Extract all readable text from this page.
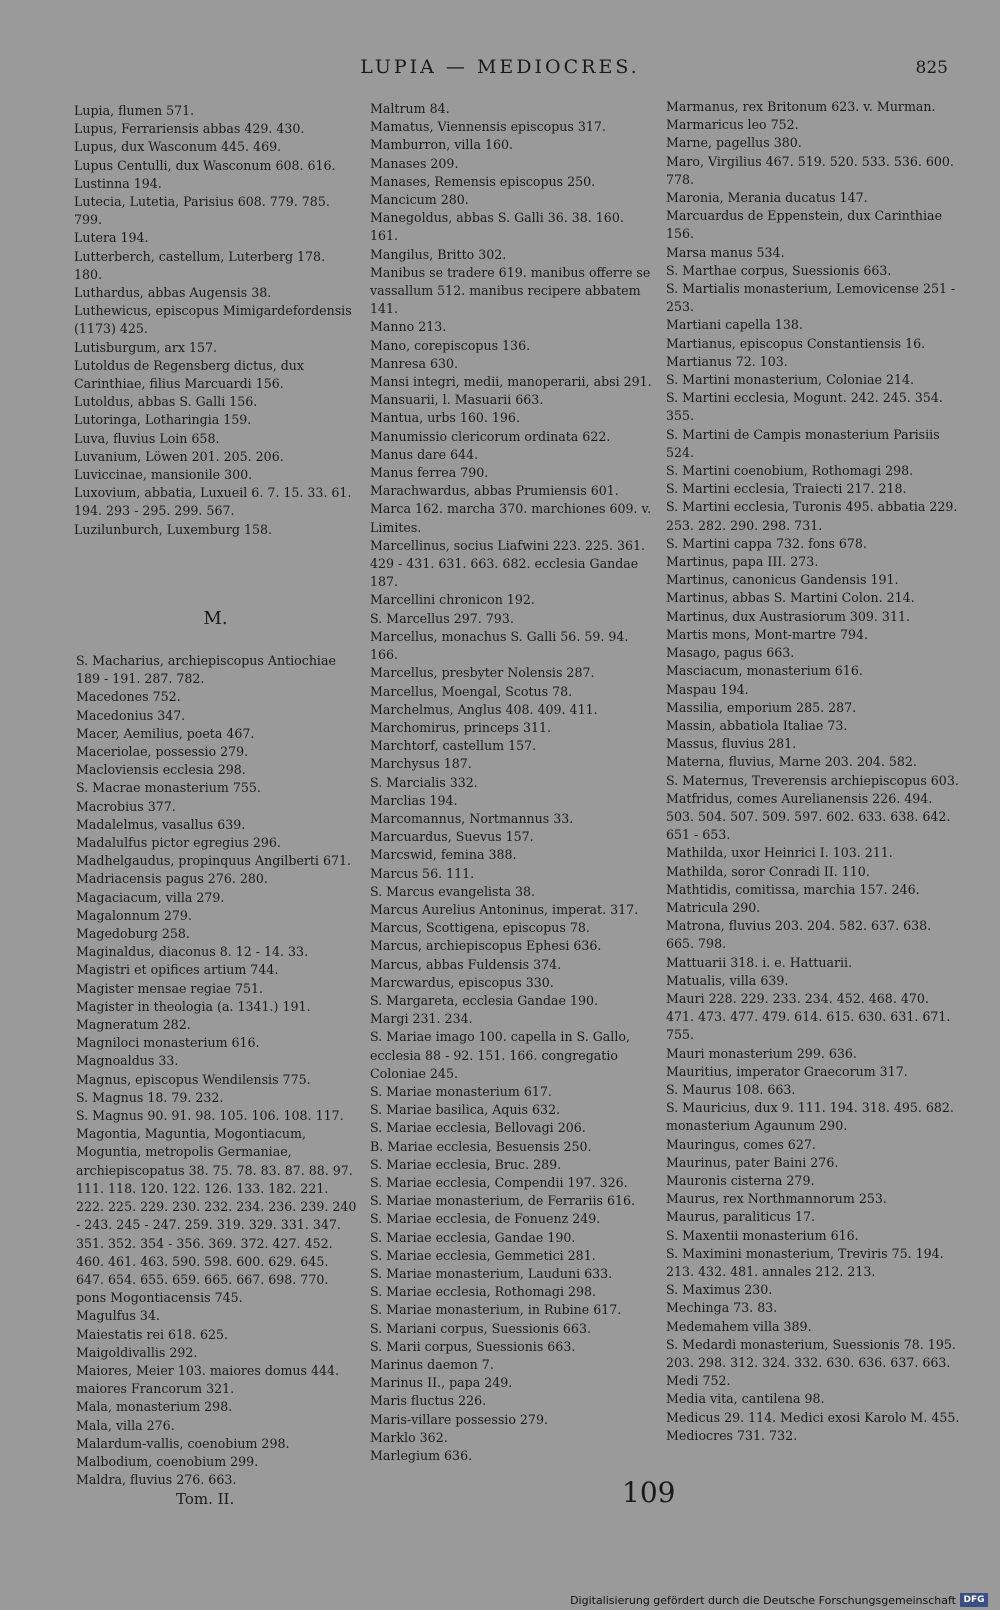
LUPIA — MEDIOCRES.	825

Lupia, flumen 571.

Lupus, Ferrariensis abbas 429. 430.

Lupus, dux Wasconum 445. 469.

Lupus Centulli, dux Wasconum 608. 616.

Lustinna 194.

Lutecia, Lutetia, Parisius 608. 779. 785. 799.

Lutera 194.

Lutterberch, castellum, Luterberg 178. 180.

Luthardus, abbas Augensis 38.

Luthewicus, episcopus Mimigardefordensis (1173) 425.

Lutisburgum, arx 157.

Lutoldus de Regensberg dictus, dux Carinthiae, filius Marcuardi 156.

Lutoldus, abbas S. Galli 156.

Lutoringa, Lotharingia 159.

Luva, fluvius Loin 658.

Luvanium, Löwen 201. 205. 206.

Luviccinae, mansionile 300.

Luxovium, abbatia, Luxueil 6. 7. 15. 33. 61. 194. 293 - 295. 299. 567.

Luzilunburch, Luxemburg 158.

M.

S. Macharius, archiepiscopus Antiochiae 189 - 191. 287. 782.

Macedones 752.

Macedonius 347.

Macer, Aemilius, poeta 467.

Maceriolae, possessio 279.

Macloviensis ecclesia 298.

S. Macrae monasterium 755.

Macrobius 377.

Madalelmus, vasallus 639.

Madalulfus pictor egregius 296.

Madhelgaudus, propinquus Angilberti 671.

Madriacensis pagus 276. 280.

Magaciacum, villa 279.

Magalonnum 279.

Magedoburg 258.

Maginaldus, diaconus 8. 12 - 14. 33.

Magistri et opifices artium 744.

Magister mensae regiae 751.

Magister in theologia (a. 1341.) 191.

Magneratum 282.

Magniloci monasterium 616.

Magnoaldus 33.

Magnus, episcopus Wendilensis 775.

S. Magnus 18. 79. 232.

S. Magnus 90. 91. 98. 105. 106. 108. 117.

Magontia, Maguntia, Mogontiacum, Moguntia, metropolis Germaniae, archiepiscopatus 38. 75. 78. 83. 87. 88. 97. 111. 118. 120. 122. 126. 133. 182. 221. 222. 225. 229. 230. 232. 234. 236. 239. 240 - 243. 245 - 247. 259. 319. 329. 331. 347. 351. 352. 354 - 356. 369. 372. 427. 452. 460. 461. 463. 590. 598. 600. 629. 645. 647. 654. 655. 659. 665. 667. 698. 770. pons Mogontiacensis 745.

Magulfus 34.

Maiestatis rei 618. 625.

Maigoldivallis 292.

Maiores, Meier 103. maiores domus 444. maiores Francorum 321.

Mala, monasterium 298.

Mala, villa 276.

Malardum-vallis, coenobium 298.

Malbodium, coenobium 299.

Maldra, fluvius 276. 663.

Maltrum 84.

Mamatus, Viennensis episcopus 317.

Mamburron, villa 160.

Manases 209.

Manases, Remensis episcopus 250.

Mancicum 280.

Manegoldus, abbas S. Galli 36. 38. 160. 161.

Mangilus, Britto 302.

Manibus se tradere 619. manibus offerre se vassallum 512. manibus recipere abbatem 141.

Manno 213.

Mano, corepiscopus 136.

Manresa 630.

Mansi integri, medii, manoperarii, absi 291.

Mansuarii, l. Masuarii 663.

Mantua, urbs 160. 196.

Manumissio clericorum ordinata 622.

Manus dare 644.

Manus ferrea 790.

Marachwardus, abbas Prumiensis 601.

Marca 162. marcha 370. marchiones 609. v. Limites.

Marcellinus, socius Liafwini 223. 225. 361. 429 - 431. 631. 663. 682. ecclesia Gandae 187.

Marcellini chronicon 192.

S. Marcellus 297. 793.

Marcellus, monachus S. Galli 56. 59. 94. 166.

Marcellus, presbyter Nolensis 287.

Marcellus, Moengal, Scotus 78.

Marchelmus, Anglus 408. 409. 411.

Marchomirus, princeps 311.

Marchtorf, castellum 157.

Marchysus 187.

S. Marcialis 332.

Marclias 194.

Marcomannus, Nortmannus 33.

Marcuardus, Suevus 157.

Marcswid, femina 388.

Marcus 56. 111.

S. Marcus evangelista 38.

Marcus Aurelius Antoninus, imperat. 317.

Marcus, Scottigena, episcopus 78.

Marcus, archiepiscopus Ephesi 636.

Marcus, abbas Fuldensis 374.

Marcwardus, episcopus 330.

S. Margareta, ecclesia Gandae 190.

Margi 231. 234.

S. Mariae imago 100. capella in S. Gallo, ecclesia 88 - 92. 151. 166. congregatio Coloniae 245.

S. Mariae monasterium 617.

S. Mariae basilica, Aquis 632.

S. Mariae ecclesia, Bellovagi 206.

B. Mariae ecclesia, Besuensis 250.

S. Mariae ecclesia, Bruc. 289.

S. Mariae ecclesia, Compendii 197. 326.

S. Mariae monasterium, de Ferrariis 616.

S. Mariae ecclesia, de Fonuenz 249.

S. Mariae ecclesia, Gandae 190.

S. Mariae ecclesia, Gemmetici 281.

S. Mariae monasterium, Lauduni 633.

S. Mariae ecclesia, Rothomagi 298.

S. Mariae monasterium, in Rubine 617.

S. Mariani corpus, Suessionis 663.

S. Marii corpus, Suessionis 663.

Marinus daemon 7.

Marinus II., papa 249.

Maris fluctus 226.

Maris-villare possessio 279.

Marklo 362.

Marlegium 636.

Marmanus, rex Britonum 623. v. Murman.

Marmaricus leo 752.

Marne, pagellus 380.

Maro, Virgilius 467. 519. 520. 533. 536. 600. 778.

Maronia, Merania ducatus 147.

Marcuardus de Eppenstein, dux Carinthiae 156.

Marsa manus 534.

S. Marthae corpus, Suessionis 663.

S. Martialis monasterium, Lemovicense 251 - 253.

Martiani capella 138.

Martianus, episcopus Constantiensis 16.

Martianus 72. 103.

S. Martini monasterium, Coloniae 214.

S. Martini ecclesia, Mogunt. 242. 245. 354. 355.

S. Martini de Campis monasterium Parisiis 524.

S. Martini coenobium, Rothomagi 298.

S. Martini ecclesia, Traiecti 217. 218.

S. Martini ecclesia, Turonis 495. abbatia 229. 253. 282. 290. 298. 731.

S. Martini cappa 732. fons 678.

Martinus, papa III. 273.

Martinus, canonicus Gandensis 191.

Martinus, abbas S. Martini Colon. 214.

Martinus, dux Austrasiorum 309. 311.

Martis mons, Mont-martre 794.

Masago, pagus 663.

Masciacum, monasterium 616.

Maspau 194.

Massilia, emporium 285. 287.

Massin, abbatiola Italiae 73.

Massus, fluvius 281.

Materna, fluvius, Marne 203. 204. 582.

S. Maternus, Treverensis archiepiscopus 603.

Matfridus, comes Aurelianensis 226. 494. 503. 504. 507. 509. 597. 602. 633. 638. 642. 651 - 653.

Mathilda, uxor Heinrici I. 103. 211.

Mathilda, soror Conradi II. 110.

Mathtidis, comitissa, marchia 157. 246.

Matricula 290.

Matrona, fluvius 203. 204. 582. 637. 638. 665. 798.

Mattuarii 318. i. e. Hattuarii.

Matualis, villa 639.

Mauri 228. 229. 233. 234. 452. 468. 470. 471. 473. 477. 479. 614. 615. 630. 631. 671. 755.

Mauri monasterium 299. 636.

Mauritius, imperator Graecorum 317.

S. Maurus 108. 663.

S. Mauricius, dux 9. 111. 194. 318. 495. 682. monasterium Agaunum 290.

Mauringus, comes 627.

Maurinus, pater Baini 276.

Mauronis cisterna 279.

Maurus, rex Northmannorum 253.

Maurus, paraliticus 17.

S. Maxentii monasterium 616.

S. Maximini monasterium, Treviris 75. 194. 213. 432. 481. annales 212. 213.

S. Maximus 230.

Mechinga 73. 83.

Medemahem villa 389.

S. Medardi monasterium, Suessionis 78. 195. 203. 298. 312. 324. 332. 630. 636. 637. 663.

Medi 752.

Media vita, cantilena 98.

Medicus 29. 114. Medici exosi Karolo M. 455.

Mediocres 731. 732.

Tom. II.	109
Digitalisierung gefördert durch die Deutsche Forschungsgemeinschaft DFG
